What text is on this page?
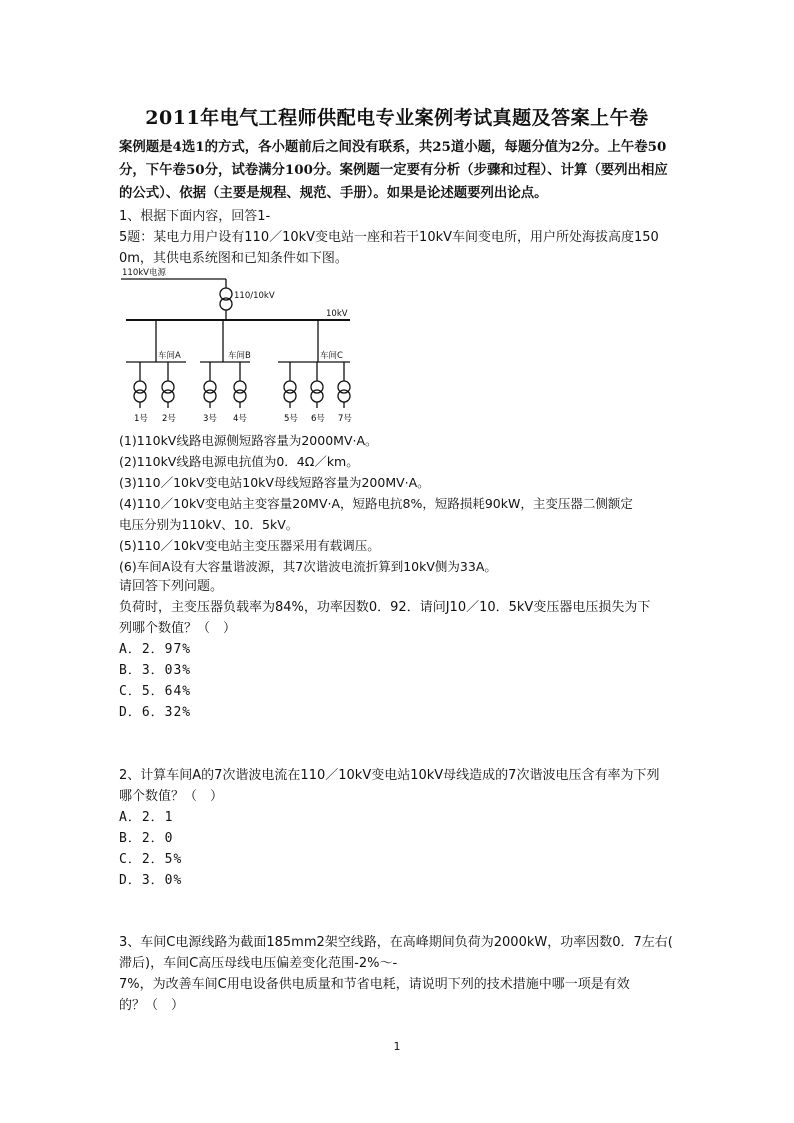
2011年电气工程师供配电专业案例考试真题及答案上午卷
案例题是4选1的方式，各小题前后之间没有联系，共25道小题，每题分值为2分。上午卷50分，下午卷50分，试卷满分100分。案例题一定要有分析（步骤和过程）、计算（要列出相应的公式）、依据（主要是规程、规范、手册）。如果是论述题要列出论点。
1、根据下面内容，回答1-
5题：某电力用户设有110／10kV变电站一座和若干10kV车间变电所，用户所处海拔高度150
0m，其供电系统图和已知条件如下图。
110kV电源
110/10kV
10kV
车间A	车间B	车间C
1号 2号	3号 4号	5号 6号 7号
(1)110kV线路电源侧短路容量为2000MV·A。
(2)110kV线路电源电抗值为0．4Ω／km。
(3)110／10kV变电站10kV母线短路容量为200MV·A。
(4)110／10kV变电站主变容量20MV·A，短路电抗8%，短路损耗90kW，主变压器二侧额定
电压分别为110kV、10．5kV。
(5)110／10kV变电站主变压器采用有载调压。
(6)车间A设有大容量谐波源，其7次谐波电流折算到10kV侧为33A。
请回答下列问题。
负荷时，主变压器负载率为84%，功率因数0．92．请问J10／10．5kV变压器电压损失为下
列哪个数值？（　）
A．2．97%
B．3．03%
C．5．64%
D．6．32%
2、计算车间A的7次谐波电流在110／10kV变电站10kV母线造成的7次谐波电压含有率为下列
哪个数值？（　）
A．2．1
B．2．0
C．2．5%
D．3．0%
3、车间C电源线路为截面185mm2架空线路，在高峰期间负荷为2000kW，功率因数0．7左右(
滞后)，车间C高压母线电压偏差变化范围-2%～-
7%，为改善车间C用电设备供电质量和节省电耗，请说明下列的技术措施中哪一项是有效
的？（　）
1
